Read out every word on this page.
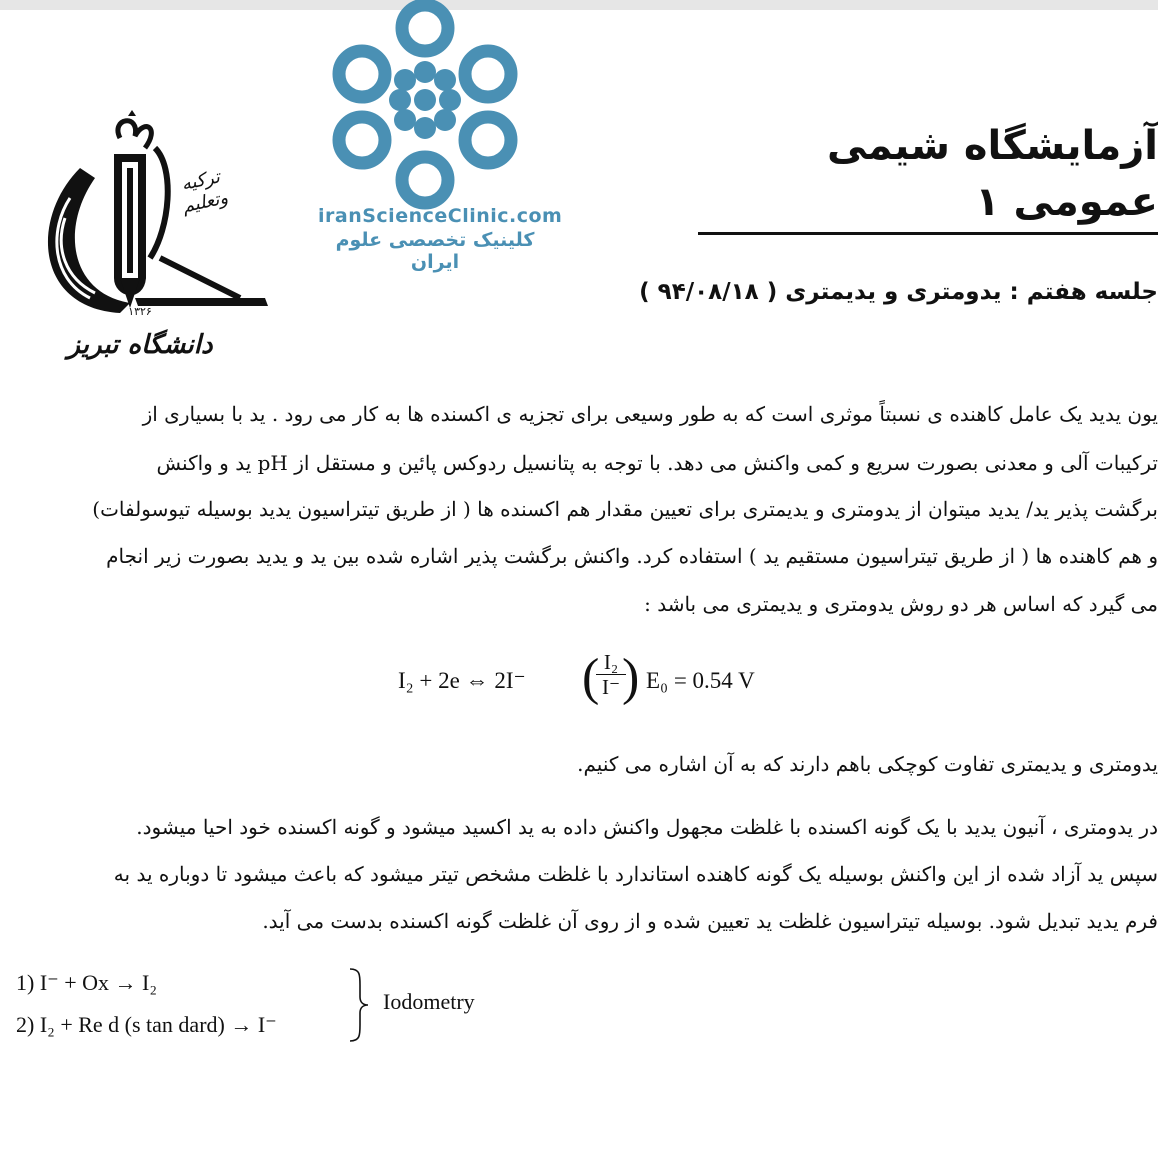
ترکیه وتعلیم
۱۳۲۶
دانشگاه تبریز
iranScienceClinic.com
کلینیک تخصصی علوم ایران
آزمایشگاه شیمی عمومی ۱
جلسه هفتم : یدومتری و یدیمتری ( ۹۴/۰۸/۱۸ )
یون یدید یک عامل کاهنده ی نسبتاً موثری است که به طور وسیعی برای تجزیه ی اکسنده ها به کار می رود . ید با بسیاری از
ترکیبات آلی و معدنی بصورت سریع و کمی واکنش می دهد. با توجه به پتانسیل ردوکس پائین و مستقل از pH ید و واکنش
برگشت پذیر ید/ یدید میتوان از یدومتری و یدیمتری برای تعیین مقدار هم اکسنده ها ( از طریق تیتراسیون یدید بوسیله تیوسولفات)
و هم کاهنده ها ( از طریق تیتراسیون مستقیم ید ) استفاده کرد. واکنش برگشت پذیر اشاره شده بین ید و یدید بصورت زیر انجام
می گیرد که اساس هر دو روش یدومتری و یدیمتری می باشد :
I₂ + 2e ⇔ 2I⁻ (
$\frac{\text{I₂}}{I^-}$
) E₀ = 0.54 V
یدومتری و یدیمتری تفاوت کوچکی باهم دارند که به آن اشاره می کنیم.
در یدومتری ، آنیون یدید با یک گونه اکسنده با غلظت مجهول واکنش داده به ید اکسید میشود و گونه اکسنده خود احیا میشود.
سپس ید آزاد شده از این واکنش بوسیله یک گونه کاهنده استاندارد با غلظت مشخص تیتر میشود که باعث میشود تا دوباره ید به
فرم یدید تبدیل شود. بوسیله تیتراسیون غلظت ید تعیین شده و از روی آن غلظت گونه اکسنده بدست می آید.
1) I⁻ + Ox → I₂
2) I₂ + Re d (s tan dard) → I⁻
Iodometry
